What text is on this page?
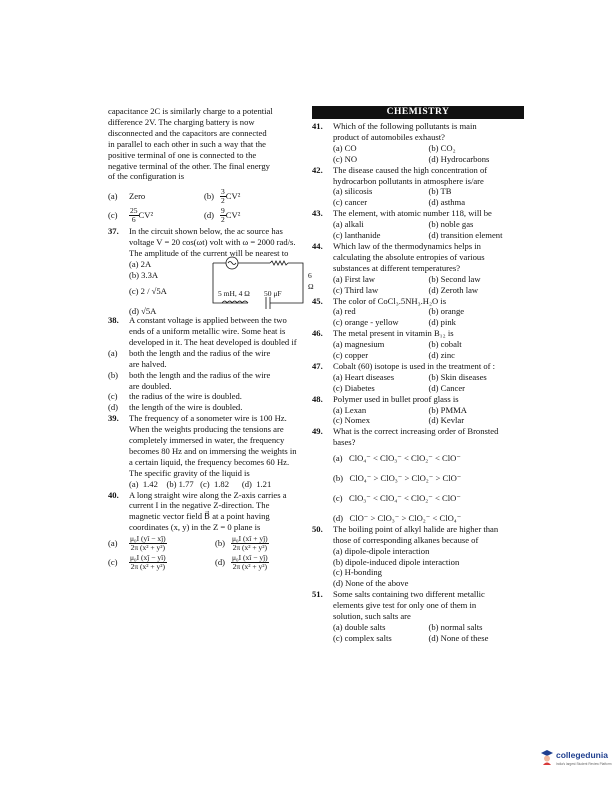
capacitance 2C is similarly charge to a potential

difference 2V. The charging battery is now

disconnected and the capacitors are connected

in parallel to each other in such a way that the

positive terminal of one is connected to the

negative terminal of the other. The final energy

of the configuration is

(a)	Zero	$(b) \frac{3}{2} CV^2$
(c)	$\frac{25}{6} CV^2$	$(d) \frac{9}{2} CV^2$
37. In the circuit shown below, the ac source has

voltage V = 20 cos(ωt) volt with ω = 2000 rad/s.

The amplitude of the current will be nearest to

(a) 2A
(b) 3.3A
(c) 2 / √5A
(d) √5A
6 Ω
5 mH, 4 Ω 50 μF
38. A constant voltage is applied between the two

ends of a uniform metallic wire. Some heat is

developed in it. The heat developed is doubled if

(a) both the length and the radius of the wire
are halved.
(b) both the length and the radius of the wire
are doubled.
(c) the radius of the wire is doubled.
(d) the length of the wire is doubled.
39. The frequency of a sonometer wire is 100 Hz.

When the weights producing the tensions are

completely immersed in water, the frequency

becomes 80 Hz and on immersing the weights in

a certain liquid, the frequency becomes 60 Hz.

The specific gravity of the liquid is

(a)  1.42    (b) 1.77   (c)  1.82      (d)  1.21

40. A long straight wire along the Z-axis carries a

current I in the negative Z-direction. The

magnetic vector field B⃗ at a point having

coordinates (x, y) in the Z = 0 plane is

(a)	$\frac{\text{μ₀I (yî − xĵ)}}{\text{2π (x² + y²)}}$	$(b) \frac{\text{μ₀I (xî + yĵ)}}{\text{2π (x² + y²)}}$
(c)	$\frac{\text{μ₀I (xĵ − yî)}}{\text{2π (x² + y²)}}$	$(d) \frac{\text{μ₀I (xî − yĵ)}}{\text{2π (x² + y²)}}$
CHEMISTRY
41. Which of the following pollutants is main

product of automobiles exhaust?

(a) CO	(b) CO₂
(c) NO	(d) Hydrocarbons
42. The disease caused the high concentration of

hydrocarbon pollutants in atmosphere is/are

(a) silicosis	(b) TB
(c) cancer	(d) asthma
43. The element, with atomic number 118, will be

(a) alkali	(b) noble gas
(c) lanthanide	(d) transition element
44. Which law of the thermodynamics helps in

calculating the absolute entropies of various

substances at different temperatures?

(a) First law	(b) Second law
(c) Third law	(d) Zeroth law
45. The color of CoCl₃.5NH₃.H₂O is

(a) red	(b) orange
(c) orange - yellow	(d) pink
46. The metal present in vitamin B₁₂ is

(a) magnesium	(b) cobalt
(c) copper	(d) zinc
47. Cobalt (60) isotope is used in the treatment of :

(a) Heart diseases	(b) Skin diseases
(c) Diabetes	(d) Cancer
48. Polymer used in bullet proof glass is

(a) Lexan	(b) PMMA
(c) Nomex	(d) Kevlar
49. What is the correct increasing order of Bronsted

bases?

(a)   ClO₄⁻ < ClO₃⁻ < ClO₂⁻ < ClO⁻
(b)   ClO₄⁻ > ClO₃⁻ > ClO₂⁻ > ClO⁻
(c)   ClO₃⁻ < ClO₄⁻ < ClO₂⁻ < ClO⁻
(d)   ClO⁻ > ClO₃⁻ > ClO₂⁻ < ClO₄⁻
50. The boiling point of alkyl halide are higher than

those of corresponding alkanes because of

(a) dipole-dipole interaction
(b) dipole-induced dipole interaction
(c) H-bonding
(d) None of the above
51. Some salts containing two different metallic

elements give test for only one of them in

solution, such salts are

(a) double salts	(b) normal salts
(c) complex salts	(d) None of these
collegedunia
India's largest Student Review Platform
